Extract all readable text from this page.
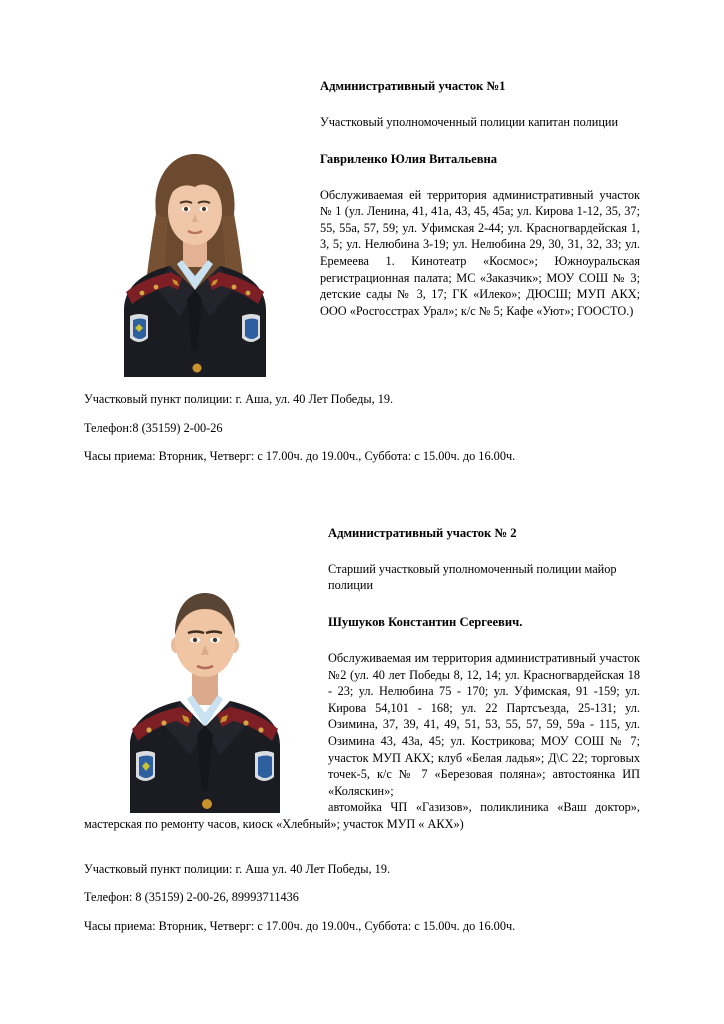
Административный участок №1

Участковый уполномоченный полиции капитан полиции

Гавриленко Юлия Витальевна

Обслуживаемая ей территория административный участок № 1 (ул. Ленина, 41, 41а, 43, 45, 45а; ул. Кирова 1-12, 35, 37; 55, 55а, 57, 59; ул. Уфимская 2-44; ул. Красногвардейская 1, 3, 5; ул. Нелюбина 3-19; ул. Нелюбина 29, 30, 31, 32, 33; ул. Еремеева 1. Кинотеатр «Космос»; Южноуральская регистрационная палата; МС «Заказчик»; МОУ СОШ № 3; детские сады № 3, 17; ГК «Илеко»; ДЮСШ; МУП АКХ; ООО «Росгосстрах Урал»; к/с № 5; Кафе «Уют»; ГООСТО.)

Участковый пункт полиции: г. Аша, ул. 40 Лет Победы, 19.

Телефон:8 (35159) 2-00-26

Часы приема: Вторник, Четверг: с 17.00ч. до 19.00ч., Суббота: с 15.00ч. до 16.00ч.

Административный участок № 2

Старший участковый уполномоченный полиции майор полиции

Шушуков Константин Сергеевич.

Обслуживаемая им территория административный участок №2 (ул. 40 лет Победы 8, 12, 14; ул. Красногвардейская 18 - 23; ул. Нелюбина 75 - 170; ул. Уфимская, 91 -159; ул. Кирова 54,101 - 168; ул. 22 Партсъезда, 25-131; ул. Озимина, 37, 39, 41, 49, 51, 53, 55, 57, 59, 59а - 115, ул. Озимина 43, 43а, 45; ул. Кострикова; МОУ СОШ № 7; участок МУП АКХ; клуб «Белая ладья»; Д\С 22; торговых точек-5, к/с № 7 «Березовая поляна»; автостоянка ИП «Коляскин»;

автомойка ЧП «Газизов», поликлиника «Ваш доктор», мастерская по ремонту часов, киоск «Хлебный»; участок МУП « АКХ»)

Участковый пункт полиции: г. Аша ул. 40 Лет Победы, 19.

Телефон: 8 (35159) 2-00-26, 89993711436

Часы приема: Вторник, Четверг: с 17.00ч. до 19.00ч., Суббота: с 15.00ч. до 16.00ч.
